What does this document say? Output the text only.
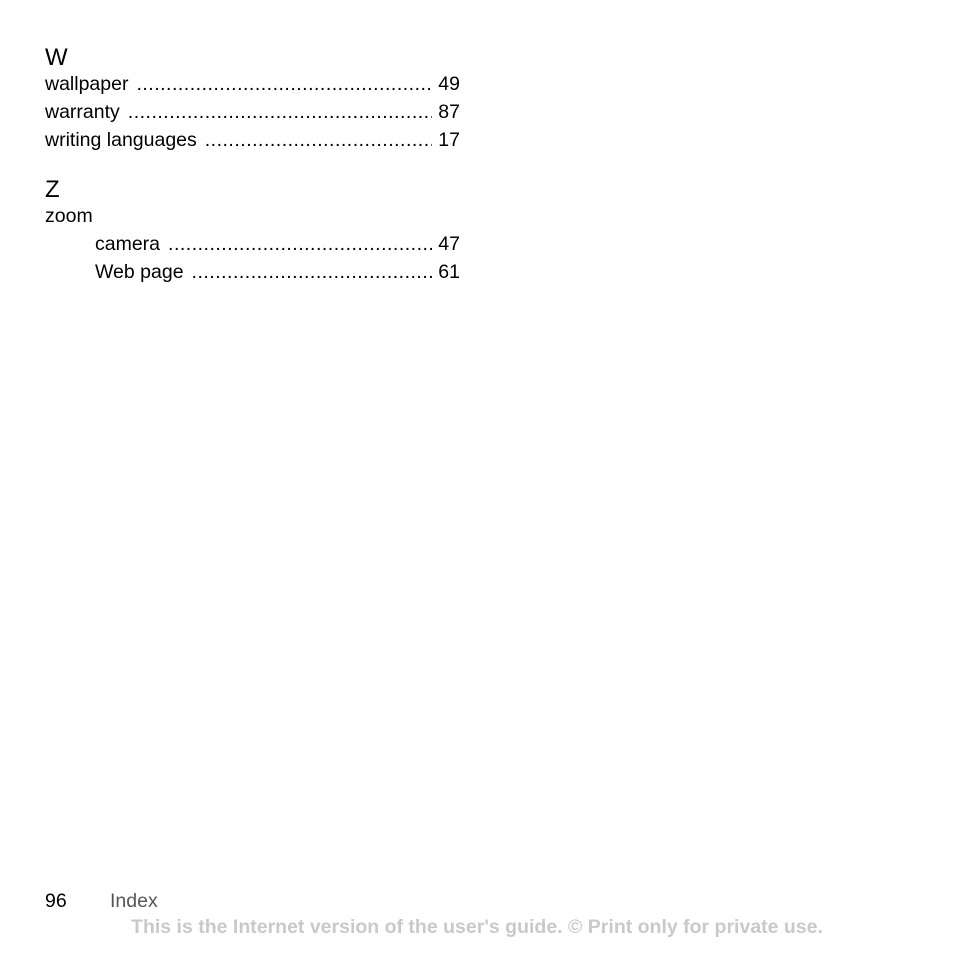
W
wallpaper .....	49
warranty .....	87
writing languages .....	17
Z
zoom
camera .....	47
Web page .....	61
96	Index
This is the Internet version of the user's guide. © Print only for private use.
